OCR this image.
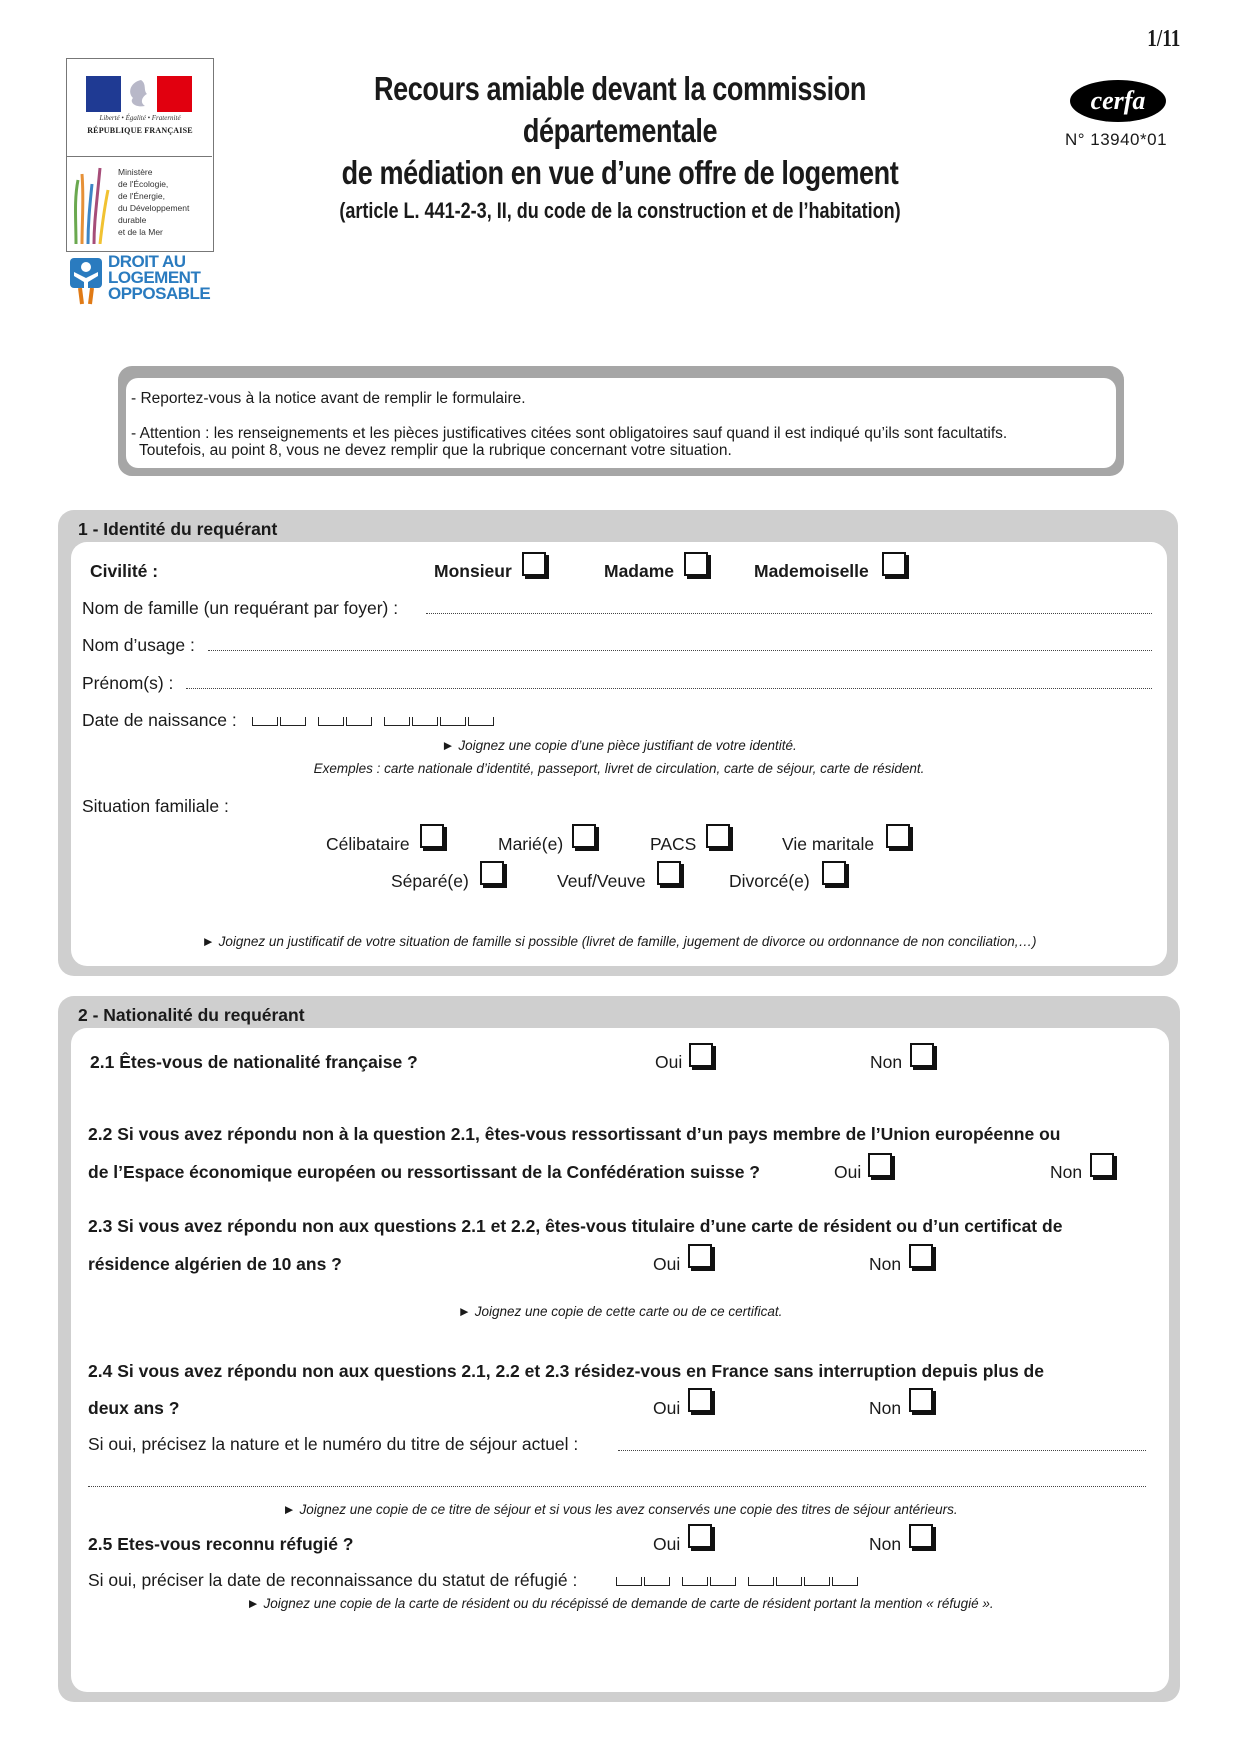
1/11
Liberté • Égalité • Fraternité
RÉPUBLIQUE FRANÇAISE
Ministère
de l'Écologie,
de l'Énergie,
du Développement
durable
et de la Mer
DROIT AU
LOGEMENT
OPPOSABLE
Recours amiable devant la commission départementale
de médiation en vue d’une offre de logement
(article L. 441-2-3, II, du code de la construction et de l’habitation)
cerfa
N° 13940*01
- Reportez-vous à la notice avant de remplir le formulaire.
- Attention : les renseignements et les pièces justificatives citées sont obligatoires sauf quand il est indiqué qu’ils sont facultatifs.
Toutefois, au point 8, vous ne devez remplir que la rubrique concernant votre situation.
1 - Identité du requérant
Civilité :	Monsieur	Madame	Mademoiselle
Nom de famille (un requérant par foyer) :
Nom d’usage :
Prénom(s) :
Date de naissance :
► Joignez une copie d’une pièce justifiant de votre identité.
Exemples : carte nationale d’identité, passeport, livret de circulation, carte de séjour, carte de résident.
Situation familiale :
Célibataire	Marié(e)	PACS	Vie maritale
Séparé(e)	Veuf/Veuve	Divorcé(e)
► Joignez un justificatif de votre situation de famille si possible (livret de famille, jugement de divorce ou ordonnance de non conciliation,…)
2 - Nationalité du requérant
2.1 Êtes-vous de nationalité française ?	Oui	Non
2.2 Si vous avez répondu non à la question 2.1, êtes-vous ressortissant d’un pays membre de l’Union européenne ou
de l’Espace économique européen ou ressortissant de la Confédération suisse ?	Oui	Non
2.3 Si vous avez répondu non aux questions 2.1 et 2.2, êtes-vous titulaire d’une carte de résident ou d’un certificat de
résidence algérien de 10 ans ?	Oui	Non
► Joignez une copie de cette carte ou de ce certificat.
2.4 Si vous avez répondu non aux questions 2.1, 2.2 et 2.3 résidez-vous en France sans interruption depuis plus de
deux ans ?	Oui	Non
Si oui, précisez la nature et le numéro du titre de séjour actuel :
► Joignez une copie de ce titre de séjour et si vous les avez conservés une copie des titres de séjour antérieurs.
2.5 Etes-vous reconnu réfugié ?	Oui	Non
Si oui, préciser la date de reconnaissance du statut de réfugié :
► Joignez une copie de la carte de résident ou du récépissé de demande de carte de résident portant la mention « réfugié ».
